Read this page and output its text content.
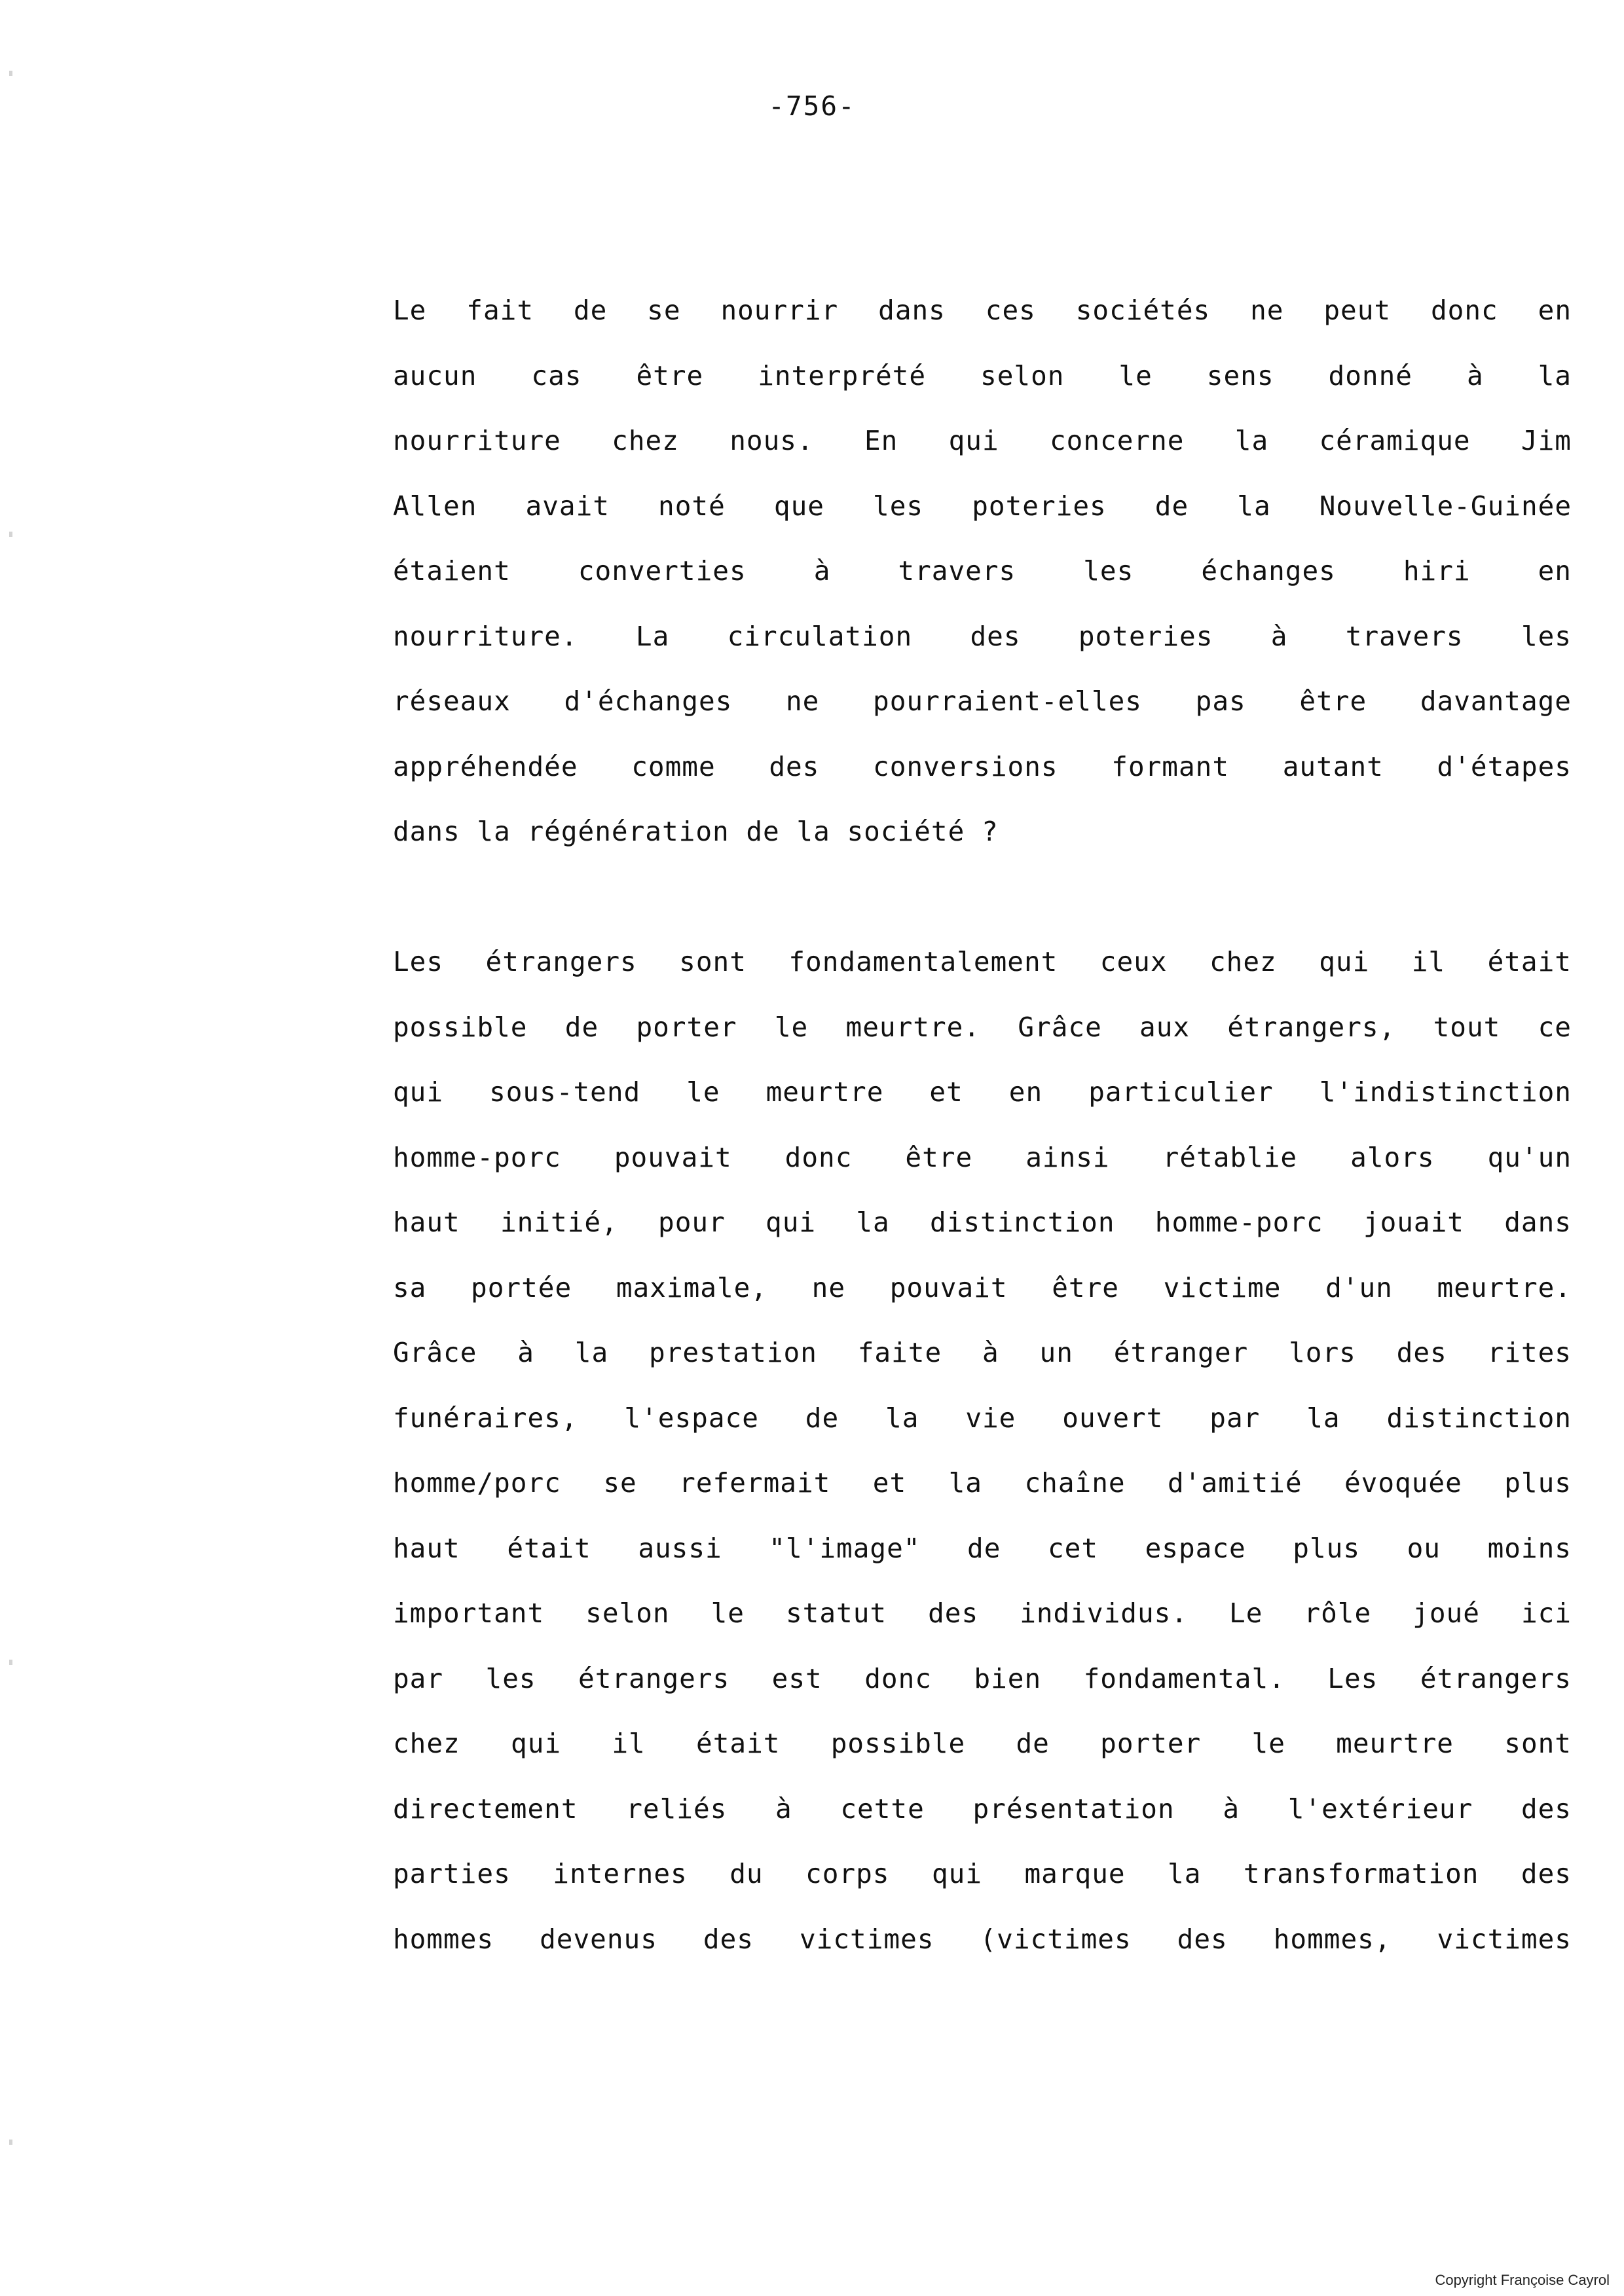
-756-
Le fait de se nourrir dans ces sociétés ne peut donc en
aucun cas être interprété selon le sens donné à la
nourriture chez nous. En qui concerne la céramique Jim
Allen avait noté que les poteries de la Nouvelle-Guinée
étaient converties à travers les échanges hiri en
nourriture. La circulation des poteries à travers les
réseaux d'échanges ne pourraient-elles pas être davantage
appréhendée comme des conversions formant autant d'étapes
dans la régénération de la société ?
Les étrangers sont fondamentalement ceux chez qui il était
possible de porter le meurtre. Grâce aux étrangers, tout ce
qui sous-tend le meurtre et en particulier l'indistinction
homme-porc pouvait donc être ainsi rétablie alors qu'un
haut initié, pour qui la distinction homme-porc jouait dans
sa portée maximale, ne pouvait être victime d'un meurtre.
Grâce à la prestation faite à un étranger lors des rites
funéraires, l'espace de la vie ouvert par la distinction
homme/porc se refermait et la chaîne d'amitié évoquée plus
haut était aussi "l'image" de cet espace plus ou moins
important selon le statut des individus. Le rôle joué ici
par les étrangers est donc bien fondamental. Les étrangers
chez qui il était possible de porter le meurtre sont
directement reliés à cette présentation à l'extérieur des
parties internes du corps qui marque la transformation des
hommes devenus des victimes (victimes des hommes, victimes
Copyright Françoise Cayrol
